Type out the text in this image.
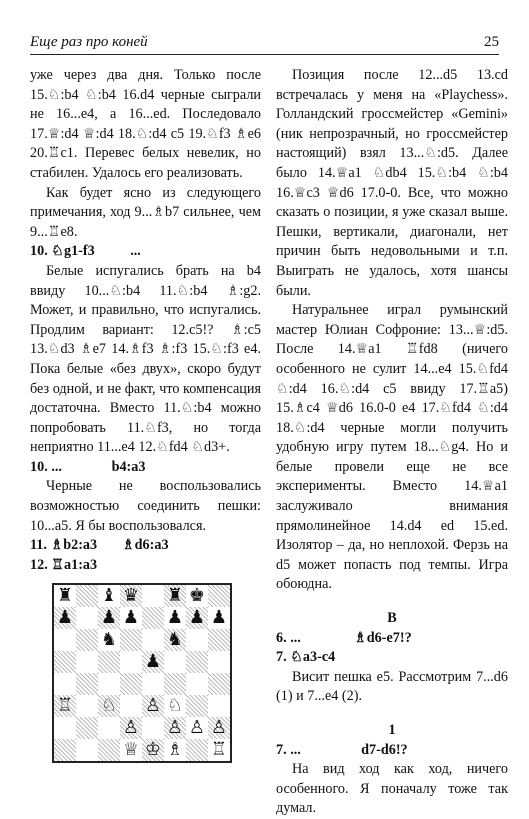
Еще раз про коней	25

уже через два дня. Только после 15.♘:b4 ♘:b4 16.d4 черные сыграли не 16...e4, а 16...ed. Последовало 17.♕:d4 ♕:d4 18.♘:d4 c5 19.♘f3 ♗e6 20.♖c1. Перевес белых невелик, но стабилен. Удалось его реализовать.

Как будет ясно из следующего примечания, ход 9...♗b7 сильнее, чем 9...♖e8.

10. ♘g1-f3          ...

Белые испугались брать на b4 ввиду 10...♘:b4 11.♘:b4 ♗:g2. Может, и правильно, что испугались. Продлим вариант: 12.c5!? ♗:c5 13.♘d3 ♗e7 14.♗f3 ♗:f3 15.♘:f3 e4. Пока белые «без двух», скоро будут без одной, и не факт, что компенсация достаточна. Вместо 11.♘:b4 можно попробовать 11.♘f3, но тогда неприятно 11...e4 12.♘fd4 ♘d3+.

10. ...              b4:a3

Черные не воспользовались возможностью соединить пешки: 10...a5. Я бы воспользовался.

11. ♗b2:a3       ♗d6:a3

12. ♖a1:a3

♜		♝	♛		♜	♚	
♟		♟	♟		♟	♟	♟
		♞			♞		
				♟			

♖		♘		♙	♘		
			♙		♙	♙	♙
			♕	♔	♗		♖

Позиция после 12...d5 13.cd встречалась у меня на «Playchess». Голландский гроссмейстер «Gemini» (ник непрозрачный, но гроссмейстер настоящий) взял 13...♘:d5. Далее было 14.♕a1 ♘db4 15.♘:b4 ♘:b4 16.♕c3 ♕d6 17.0-0. Все, что можно сказать о позиции, я уже сказал выше. Пешки, вертикали, диагонали, нет причин быть недовольными и т.п. Выиграть не удалось, хотя шансы были.

Натуральнее играл румынский мастер Юлиан Софроние: 13...♕:d5. После 14.♕a1 ♖fd8 (ничего особенного не сулит 14...e4 15.♘fd4 ♘:d4 16.♘:d4 c5 ввиду 17.♖a5) 15.♗c4 ♕d6 16.0-0 e4 17.♘fd4 ♘:d4 18.♘:d4 черные могли получить удобную игру путем 18...♘g4. Но и белые провели еще не все эксперименты. Вместо 14.♕a1 заслуживало внимания прямолинейное 14.d4 ed 15.ed. Изолятор – да, но неплохой. Ферзь на d5 может попасть под темпы. Игра обоюдна.

В

6. ...               ♗d6-e7!?

7. ♘a3-c4

Висит пешка e5. Рассмотрим 7...d6 (1) и 7...e4 (2).

1

7. ...                 d7-d6!?

На вид ход как ход, ничего особенного. Я поначалу тоже так думал.
